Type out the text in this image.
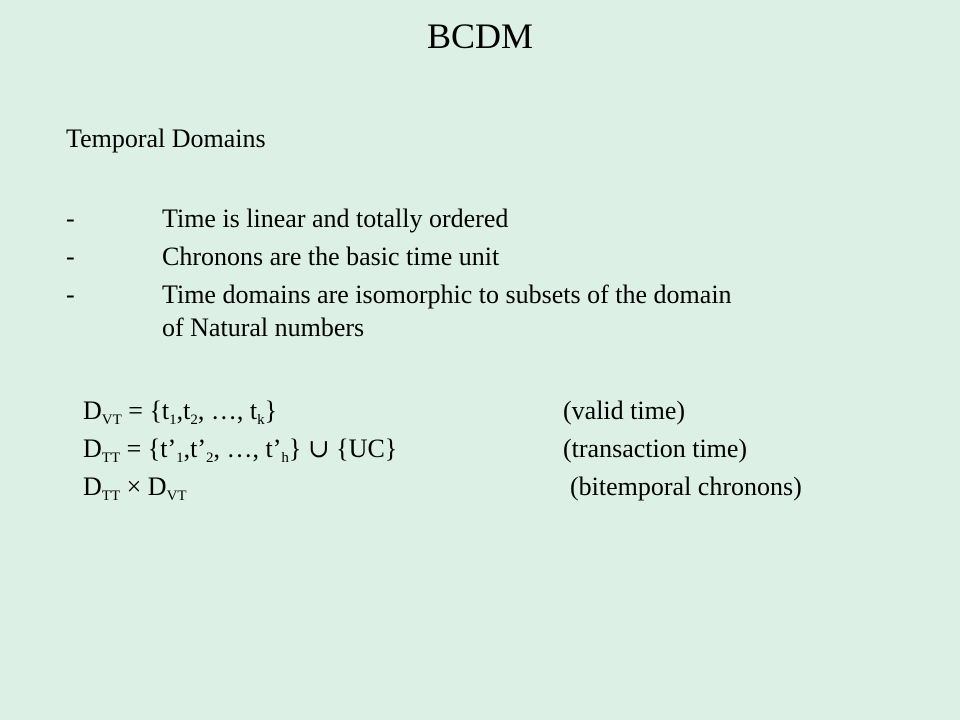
BCDM
Temporal Domains
-	Time is linear and totally ordered
-	Chronons are the basic time unit
-	Time domains are isomorphic to subsets of the domain
of Natural numbers
$D_{VT} = \{t_1,t_2$, …, $t_k$}	(valid time)
$D_{TT}$ = {$t’_1,t’_2$, …, $t’_h$} ∪ {UC}	(transaction time)
$D_{TT} \times D_{VT}$	(bitemporal chronons)
